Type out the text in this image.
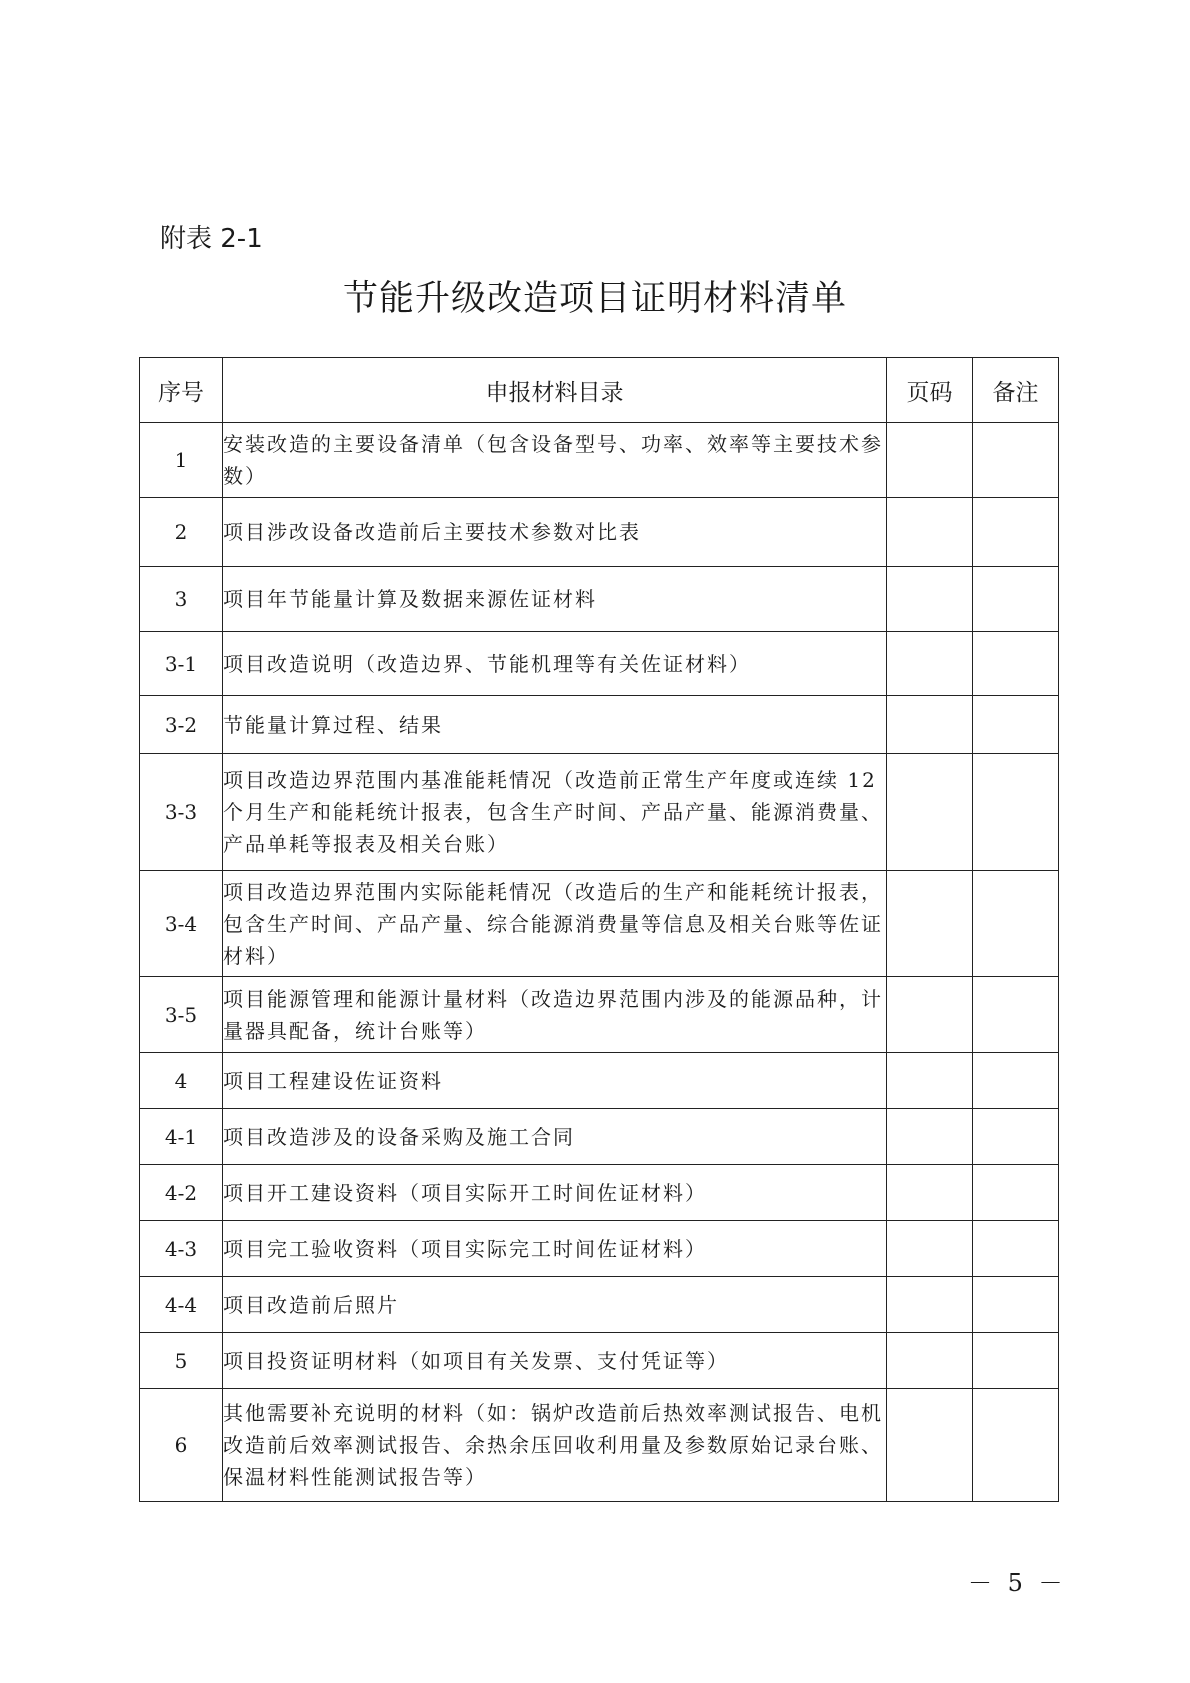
附表 2-1
节能升级改造项目证明材料清单
序号	申报材料目录	页码	备注
1	安装改造的主要设备清单（包含设备型号、功率、效率等主要技术参数）		
2	项目涉改设备改造前后主要技术参数对比表		
3	项目年节能量计算及数据来源佐证材料		
3-1	项目改造说明（改造边界、节能机理等有关佐证材料）		
3-2	节能量计算过程、结果		
3-3	项目改造边界范围内基准能耗情况（改造前正常生产年度或连续 12 个月生产和能耗统计报表，包含生产时间、产品产量、能源消费量、产品单耗等报表及相关台账）		
3-4	项目改造边界范围内实际能耗情况（改造后的生产和能耗统计报表，包含生产时间、产品产量、综合能源消费量等信息及相关台账等佐证材料）		
3-5	项目能源管理和能源计量材料（改造边界范围内涉及的能源品种，计量器具配备，统计台账等）		
4	项目工程建设佐证资料		
4-1	项目改造涉及的设备采购及施工合同		
4-2	项目开工建设资料（项目实际开工时间佐证材料）		
4-3	项目完工验收资料（项目实际完工时间佐证材料）		
4-4	项目改造前后照片		
5	项目投资证明材料（如项目有关发票、支付凭证等）		
6	其他需要补充说明的材料（如：锅炉改造前后热效率测试报告、电机改造前后效率测试报告、余热余压回收利用量及参数原始记录台账、保温材料性能测试报告等）		
－ 5 －
